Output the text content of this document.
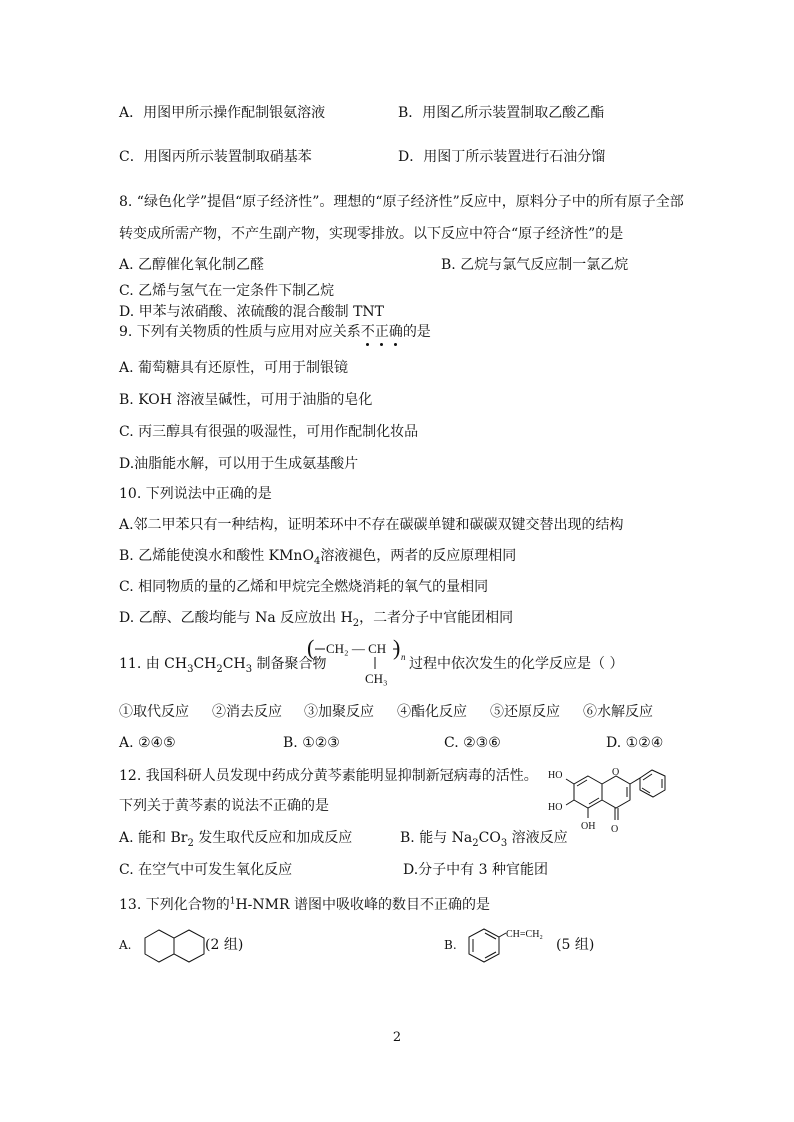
A．用图甲所示操作配制银氨溶液	B．用图乙所示装置制取乙酸乙酯
C．用图丙所示装置制取硝基苯	D．用图丁所示装置进行石油分馏
8. “绿色化学”提倡“原子经济性”。理想的“原子经济性”反应中，原料分子中的所有原子全部
转变成所需产物，不产生副产物，实现零排放。以下反应中符合“原子经济性”的是
A. 乙醇催化氧化制乙醛	B. 乙烷与氯气反应制一氯乙烷
C. 乙烯与氢气在一定条件下制乙烷
D. 甲苯与浓硝酸、浓硫酸的混合酸制 TNT
9. 下列有关物质的性质与应用对应关系不正确的是
A. 葡萄糖具有还原性，可用于制银镜
B. KOH 溶液呈碱性，可用于油脂的皂化
C. 丙三醇具有很强的吸湿性，可用作配制化妆品
D.油脂能水解，可以用于生成氨基酸片
10. 下列说法中正确的是
A.邻二甲苯只有一种结构，证明苯环中不存在碳碳单键和碳碳双键交替出现的结构
B. 乙烯能使溴水和酸性 KMnO$_4$溶液褪色，两者的反应原理相同
C. 相同物质的量的乙烯和甲烷完全燃烧消耗的氧气的量相同
D. 乙醇、乙酸均能与 Na 反应放出 $H_2$，二者分子中官能团相同
11. 由 $CH_3CH_2CH_3$ 制备聚合物
( CH₂ — CH ) n
CH₃
过程中依次发生的化学反应是（ ）
①取代反应 ②消去反应 ③加聚反应 ④酯化反应 ⑤还原反应 ⑥水解反应
A. ②④⑤	B. ①②③	C. ②③⑥	D. ①②④
12. 我国科研人员发现中药成分黄芩素能明显抑制新冠病毒的活性。
下列关于黄芩素的说法不正确的是
HO
HO
OH O
O
A. 能和 $Br_2$ 发生取代反应和加成反应	B. 能与 $Na_2CO_3$ 溶液反应
C. 在空气中可发生氧化反应	D.分子中有 3 种官能团
13. 下列化合物的$^1$H-NMR 谱图中吸收峰的数目不正确的是
A.	(2 组)	B.
CH=CH₂
(5 组)
2
